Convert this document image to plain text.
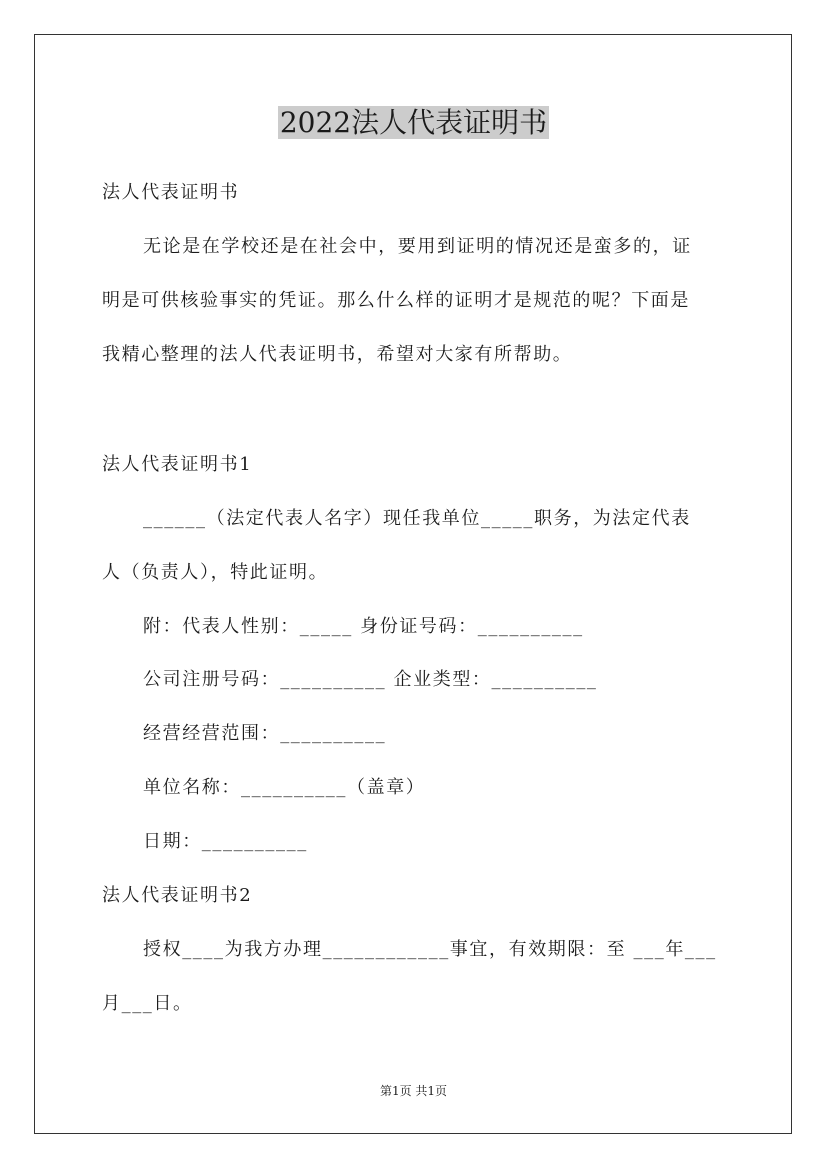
2022法人代表证明书
法人代表证明书
无论是在学校还是在社会中，要用到证明的情况还是蛮多的，证
明是可供核验事实的凭证。那么什么样的证明才是规范的呢？下面是
我精心整理的法人代表证明书，希望对大家有所帮助。
法人代表证明书1
______（法定代表人名字）现任我单位_____职务，为法定代表
人（负责人），特此证明。
附：代表人性别：_____ 身份证号码：__________
公司注册号码：__________ 企业类型：__________
经营经营范围：__________
单位名称：__________（盖章）
日期：__________
法人代表证明书2
授权____为我方办理____________事宜，有效期限：至 ___年___
月___日。
第1页 共1页
